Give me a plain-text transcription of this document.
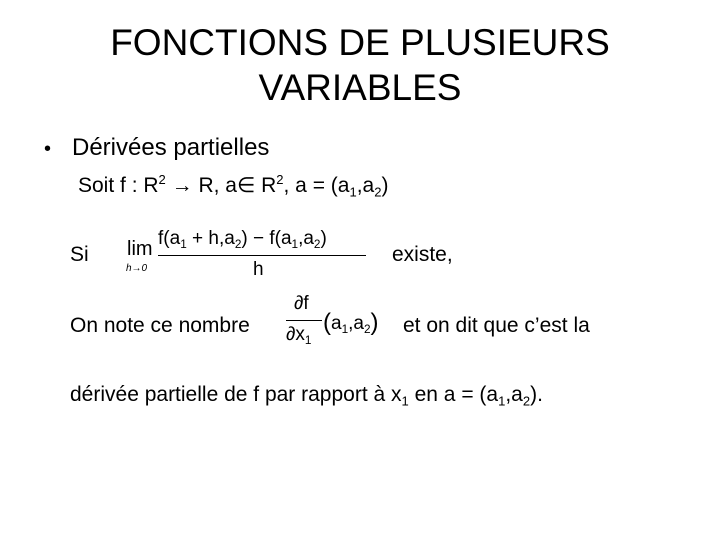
FONCTIONS DE PLUSIEURS
VARIABLES
• Dérivées partielles
Soit f : $R^2 \to R$, a∈ $R^2$, $a = (a_1,a_2)$
Si lim
h→0
$f(a_1 + h,a_2) - f(a_1,a_2)$
h
existe,
On note ce nombre
∂f
$\partial x_1$
$(a_1,a_2)$ et on dit que c’est la
dérivée partielle de f par rapport à $x_1$ en $a = (a_1,a_2)$.
